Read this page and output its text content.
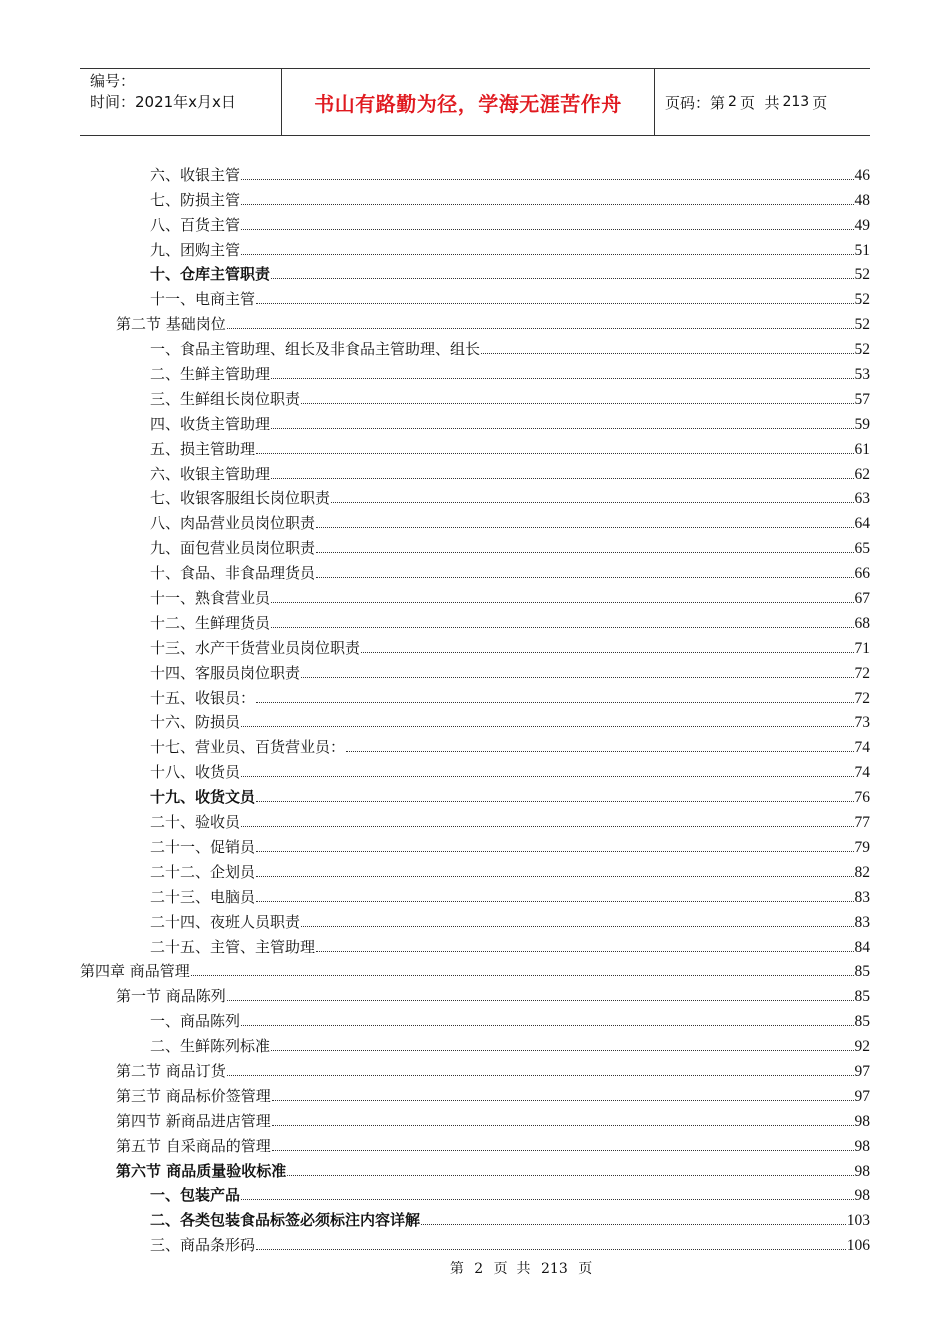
编号：
时间：2021年x月x日	书山有路勤为径，学海无涯苦作舟	页码：第 2 页  共 213 页
六、收银主管	46
七、防损主管	48
八、百货主管	49
九、团购主管	51
十、仓库主管职责	52
十一、电商主管	52
第二节 基础岗位	52
一、食品主管助理、组长及非食品主管助理、组长	52
二、生鲜主管助理	53
三、生鲜组长岗位职责	57
四、收货主管助理	59
五、损主管助理	61
六、收银主管助理	62
七、收银客服组长岗位职责	63
八、肉品营业员岗位职责	64
九、面包营业员岗位职责	65
十、食品、非食品理货员	66
十一、熟食营业员	67
十二、生鲜理货员	68
十三、水产干货营业员岗位职责	71
十四、客服员岗位职责	72
十五、收银员：	72
十六、防损员	73
十七、营业员、百货营业员：	74
十八、收货员	74
十九、收货文员	76
二十、验收员	77
二十一、促销员	79
二十二、企划员	82
二十三、电脑员	83
二十四、夜班人员职责	83
二十五、主管、主管助理	84
第四章 商品管理	85
第一节 商品陈列	85
一、商品陈列	85
二、生鲜陈列标准	92
第二节 商品订货	97
第三节 商品标价签管理	97
第四节 新商品进店管理	98
第五节 自采商品的管理	98
第六节 商品质量验收标准	98
一、包装产品	98
二、各类包装食品标签必须标注内容详解	103
三、商品条形码	106
第 2 页  共 213 页
